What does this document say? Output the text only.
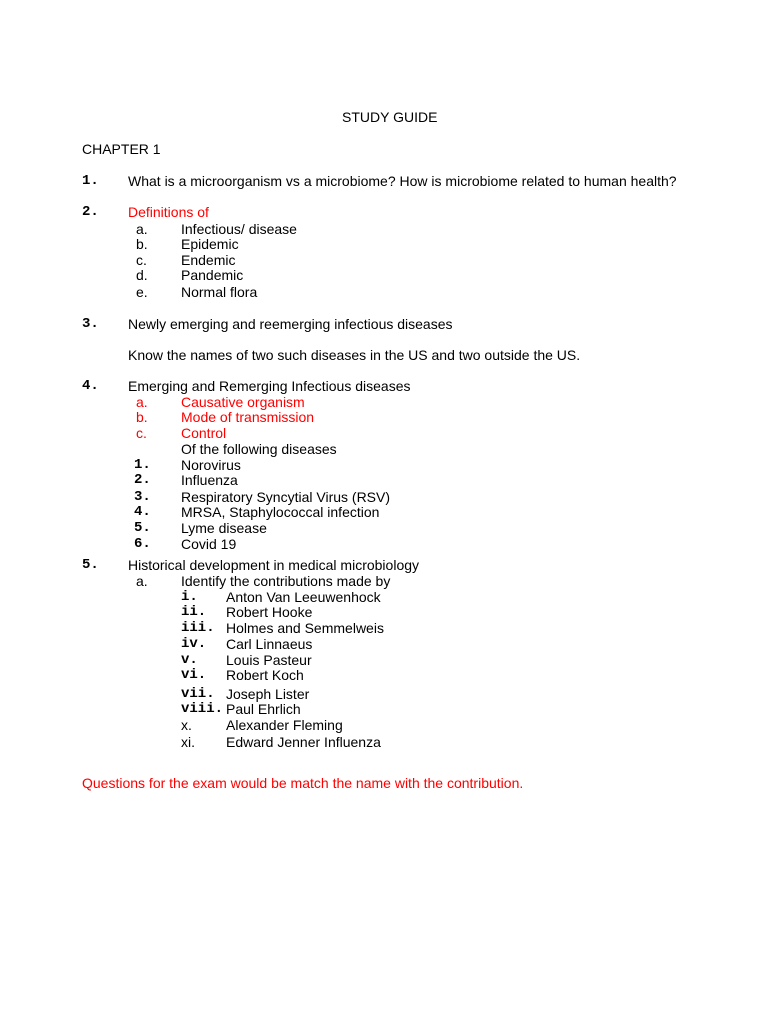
STUDY GUIDE
CHAPTER 1
1. What is a microorganism vs a microbiome? How is microbiome related to human health?
2. Definitions of
a. Infectious/ disease
b. Epidemic
c. Endemic
d. Pandemic
e. Normal flora
3. Newly emerging and reemerging infectious diseases
Know the names of two such diseases in the US and two outside the US.
4. Emerging and Remerging Infectious diseases
a. Causative organism
b. Mode of transmission
c. Control
Of the following diseases
1. Norovirus
2. Influenza
3. Respiratory Syncytial Virus (RSV)
4. MRSA, Staphylococcal infection
5. Lyme disease
6. Covid 19
5. Historical development in medical microbiology
a. Identify the contributions made by
i. Anton Van Leeuwenhock
ii. Robert Hooke
iii. Holmes and Semmelweis
iv. Carl Linnaeus
v. Louis Pasteur
vi. Robert Koch
vii. Joseph Lister
viii. Paul Ehrlich
x. Alexander Fleming
xi. Edward Jenner Influenza
Questions for the exam would be match the name with the contribution.
